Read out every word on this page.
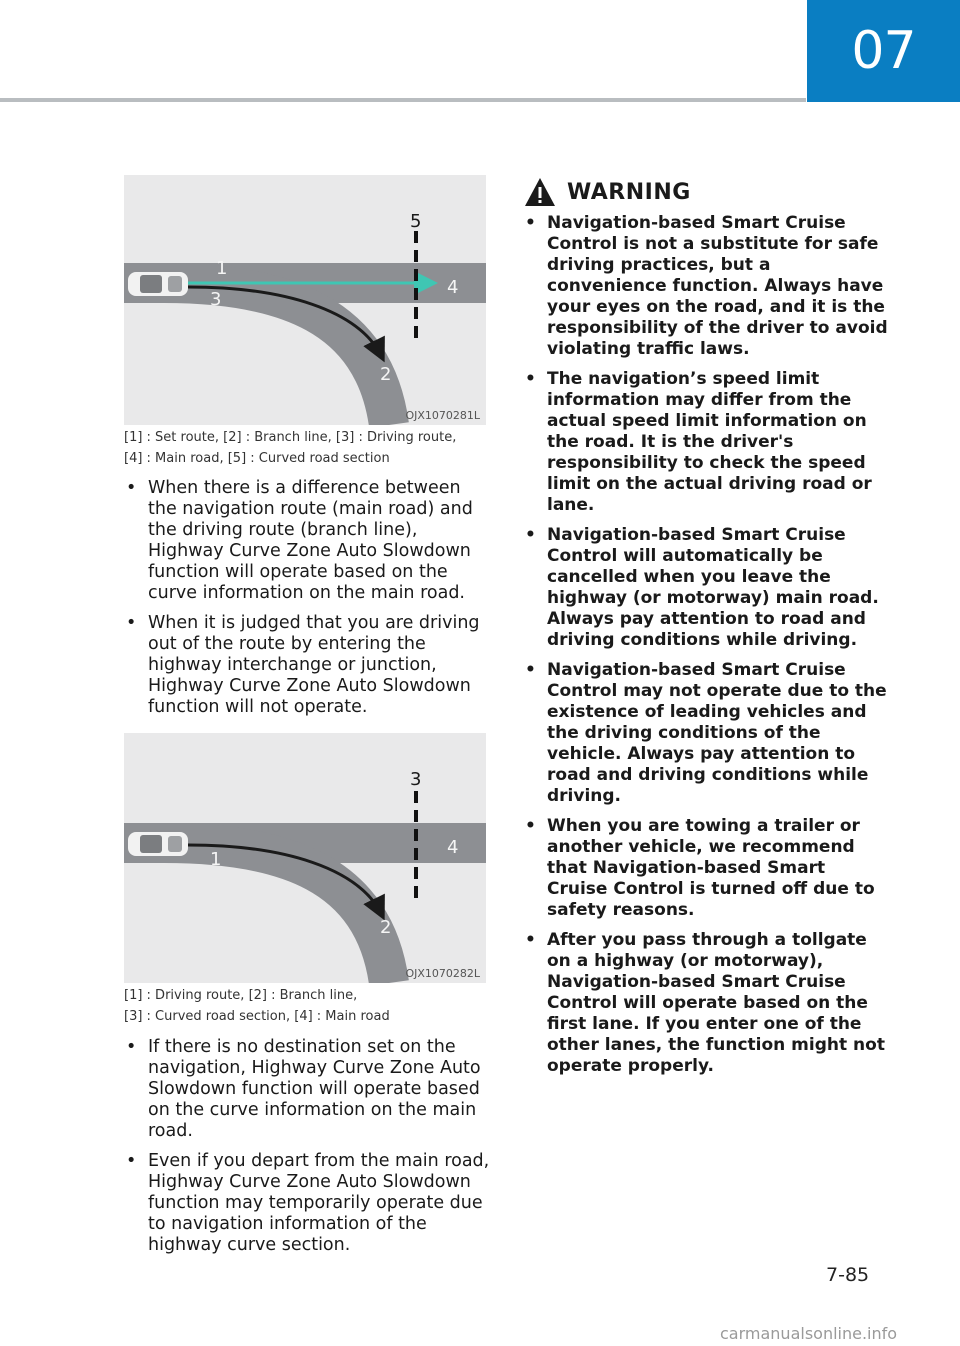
07
1
2
3
4
5
OJX1070281L
[1] : Set route, [2] : Branch line, [3] : Driving route,
[4] : Main road, [5] : Curved road section
• When there is a difference between the navigation route (main road) and the driving route (branch line), Highway Curve Zone Auto Slowdown function will operate based on the curve information on the main road.
• When it is judged that you are driving out of the route by entering the highway interchange or junction, Highway Curve Zone Auto Slowdown function will not operate.
1
2
3
4
OJX1070282L
[1] : Driving route, [2] : Branch line,
[3] : Curved road section, [4] : Main road
• If there is no destination set on the navigation, Highway Curve Zone Auto Slowdown function will operate based on the curve information on the main road.
• Even if you depart from the main road, Highway Curve Zone Auto Slowdown function may temporarily operate due to navigation information of the highway curve section.
WARNING
• Navigation-based Smart Cruise Control is not a substitute for safe driving practices, but a convenience function. Always have your eyes on the road, and it is the responsibility of the driver to avoid violating traffic laws.
• The navigation’s speed limit information may differ from the actual speed limit information on the road. It is the driver's responsibility to check the speed limit on the actual driving road or lane.
• Navigation-based Smart Cruise Control will automatically be cancelled when you leave the highway (or motorway) main road. Always pay attention to road and driving conditions while driving.
• Navigation-based Smart Cruise Control may not operate due to the existence of leading vehicles and the driving conditions of the vehicle. Always pay attention to road and driving conditions while driving.
• When you are towing a trailer or another vehicle, we recommend that Navigation-based Smart Cruise Control is turned off due to safety reasons.
• After you pass through a tollgate on a highway (or motorway), Navigation-based Smart Cruise Control will operate based on the first lane. If you enter one of the other lanes, the function might not operate properly.
7-85
carmanualsonline.info
